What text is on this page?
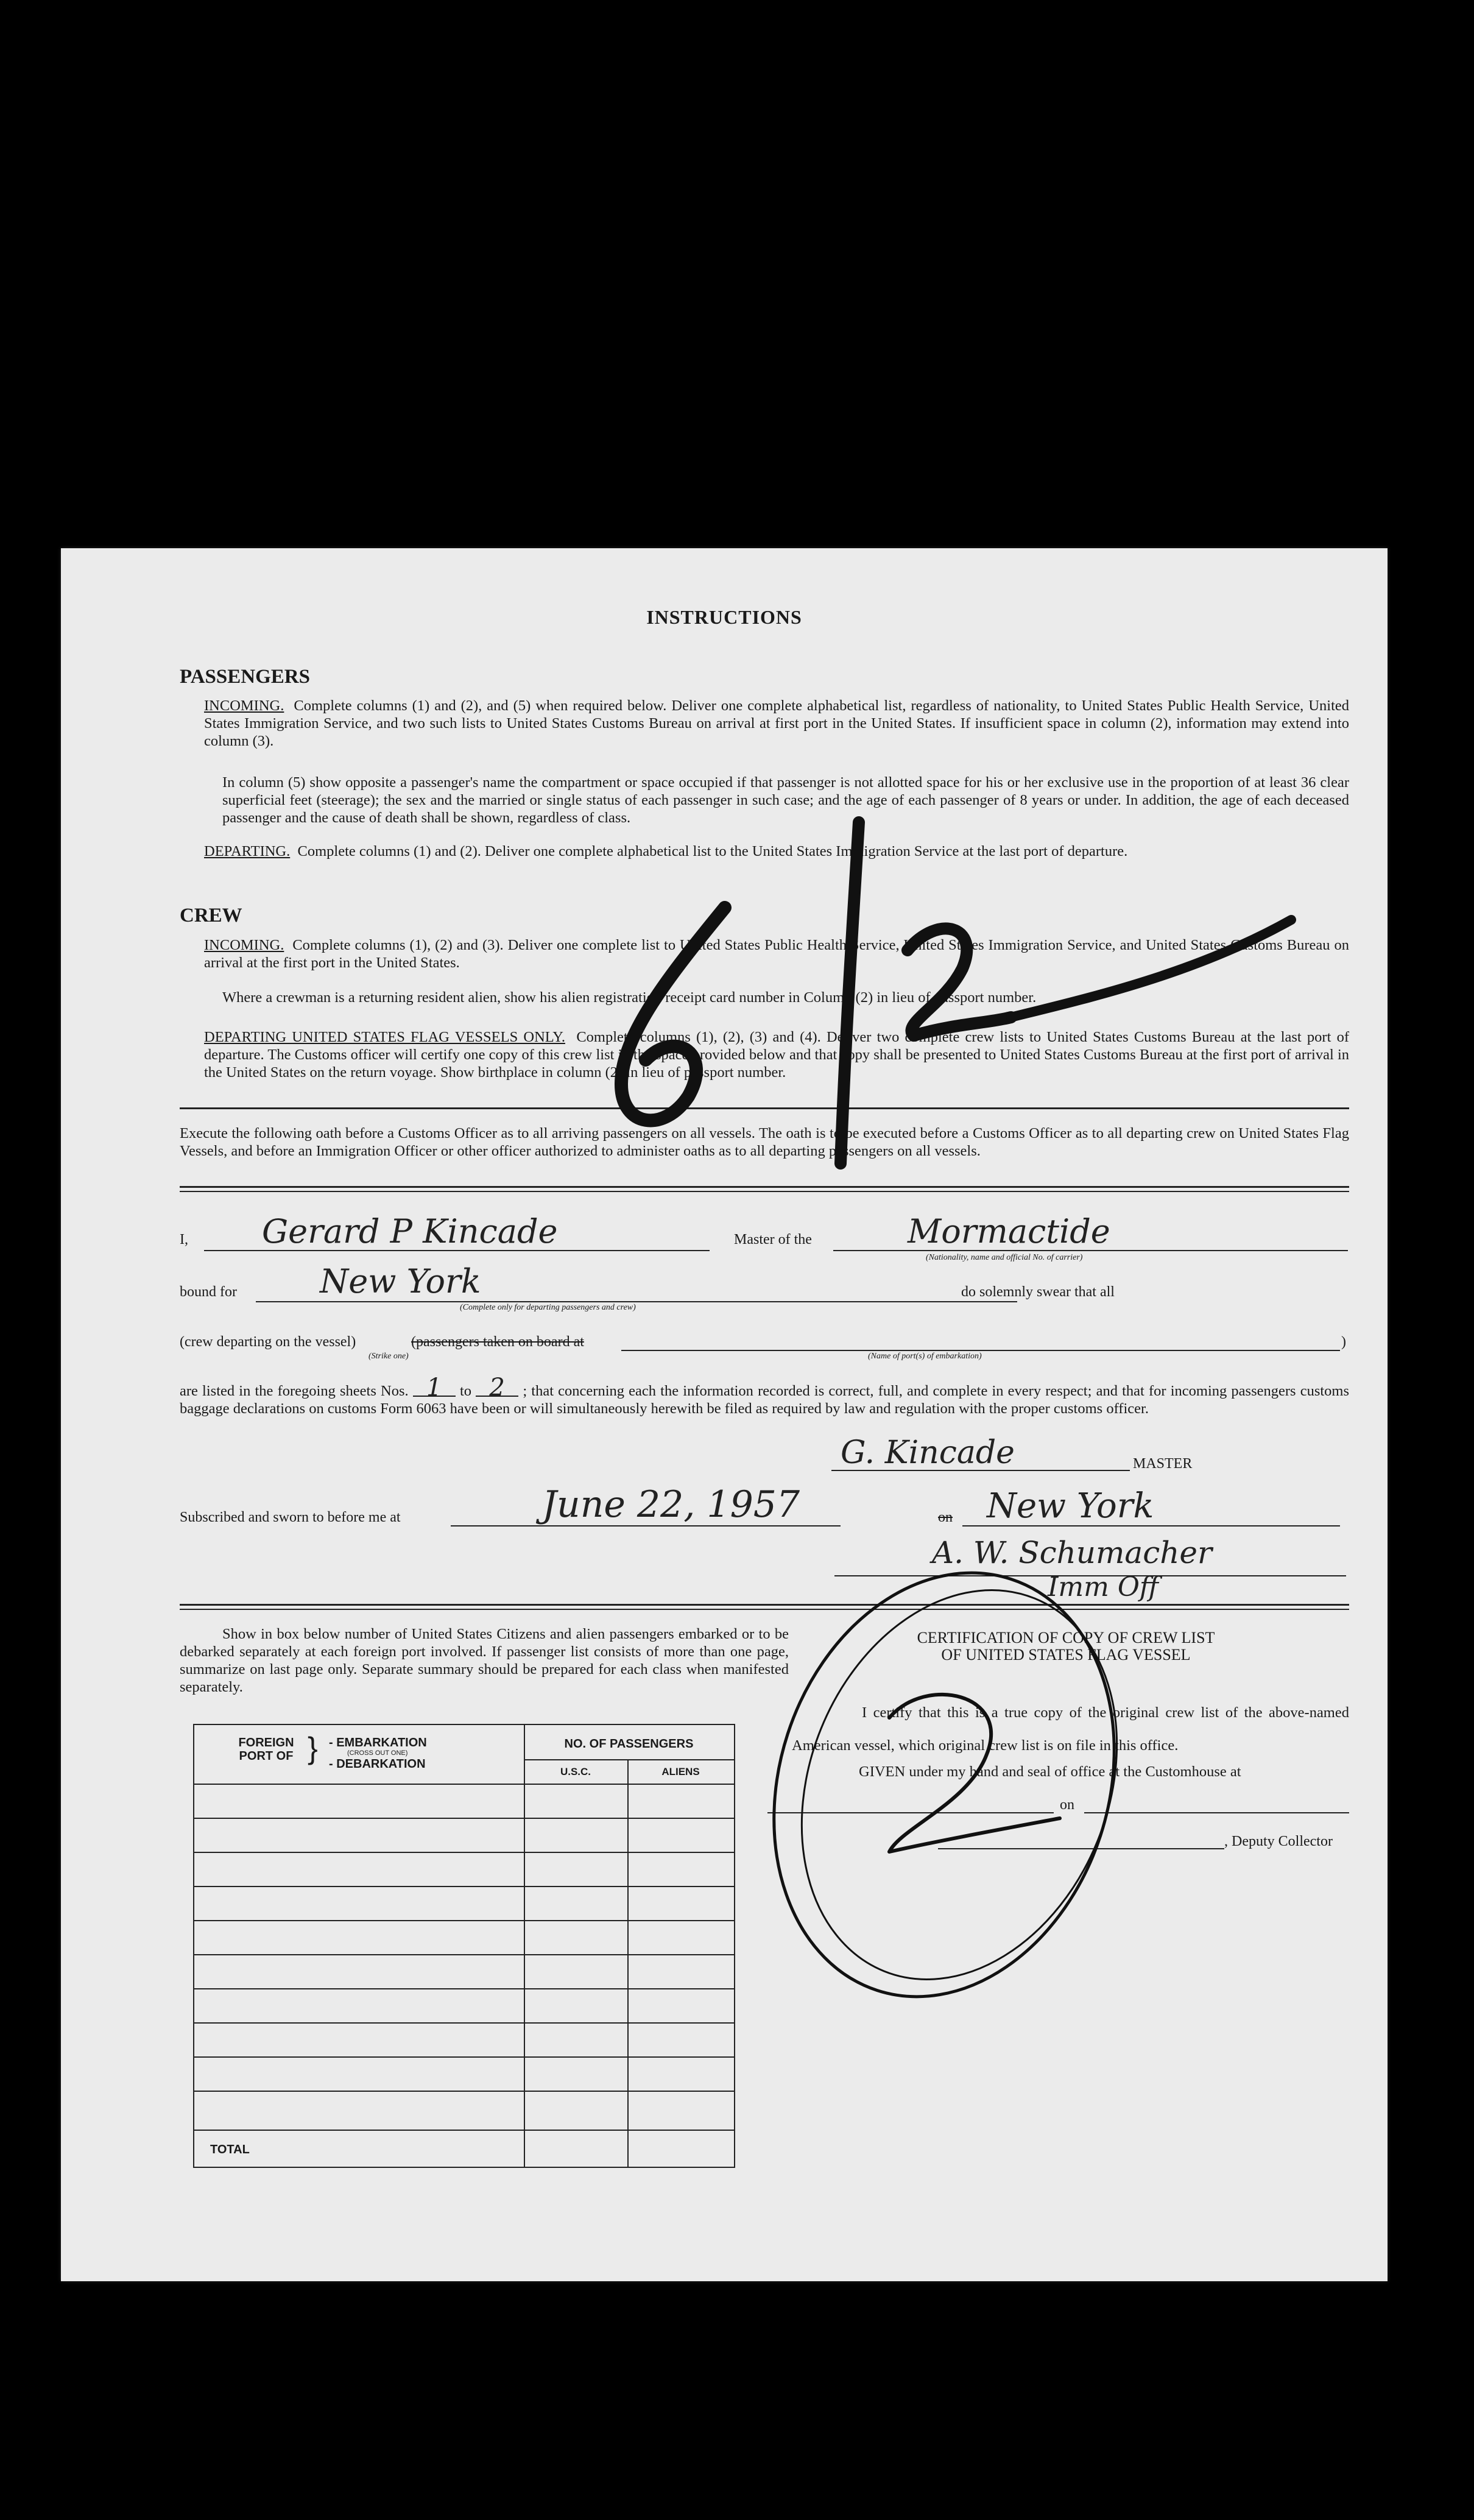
INSTRUCTIONS
PASSENGERS
INCOMING. Complete columns (1) and (2), and (5) when required below. Deliver one complete alphabetical list, regardless of nationality, to United States Public Health Service, United States Immigration Service, and two such lists to United States Customs Bureau on arrival at first port in the United States. If insufficient space in column (2), information may extend into column (3).
In column (5) show opposite a passenger's name the compartment or space occupied if that passenger is not allotted space for his or her exclusive use in the proportion of at least 36 clear superficial feet (steerage); the sex and the married or single status of each passenger in such case; and the age of each passenger of 8 years or under. In addition, the age of each deceased passenger and the cause of death shall be shown, regardless of class.
DEPARTING. Complete columns (1) and (2). Deliver one complete alphabetical list to the United States Immigration Service at the last port of departure.
CREW
INCOMING. Complete columns (1), (2) and (3). Deliver one complete list to United States Public Health Service, United States Immigration Service, and United States Customs Bureau on arrival at the first port in the United States.
Where a crewman is a returning resident alien, show his alien registration receipt card number in Column (2) in lieu of passport number.
DEPARTING UNITED STATES FLAG VESSELS ONLY. Complete columns (1), (2), (3) and (4). Deliver two complete crew lists to United States Customs Bureau at the last port of departure. The Customs officer will certify one copy of this crew list in the space provided below and that copy shall be presented to United States Customs Bureau at the first port of arrival in the United States on the return voyage. Show birthplace in column (2) in lieu of passport number.
Execute the following oath before a Customs Officer as to all arriving passengers on all vessels. The oath is to be executed before a Customs Officer as to all departing crew on United States Flag Vessels, and before an Immigration Officer or other officer authorized to administer oaths as to all departing passengers on all vessels.
I, Gerard P Kincade	Master of the	Mormactide
(Nationality, name and official No. of carrier)
bound for	New York
(Complete only for departing passengers and crew)
do solemnly swear that all
(crew departing on the vessel)	(passengers taken on board at	)
(Strike one)	(Name of port(s) of embarkation)
are listed in the foregoing sheets Nos. 1 to 2 ; that concerning each the information recorded is correct, full, and complete in every respect; and that for incoming passengers customs baggage declarations on customs Form 6063 have been or will simultaneously herewith be filed as required by law and regulation with the proper customs officer.
G. Kincade	MASTER
Subscribed and sworn to before me at	June 22, 1957	on New York
A. W. Schumacher
Imm Off
Show in box below number of United States Citizens and alien passengers embarked or to be debarked separately at each foreign port involved. If passenger list consists of more than one page, summarize on last page only. Separate summary should be prepared for each class when manifested separately.
FOREIGN PORT OF } - EMBARKATION
(CROSS OUT ONE)
- DEBARKATION
NO. OF PASSENGERS
U.S.C.	ALIENS
TOTAL
CERTIFICATION OF COPY OF CREW LIST
OF UNITED STATES FLAG VESSEL
I certify that this is a true copy of the original crew list of the above-named American vessel, which original crew list is on file in this office.
GIVEN under my hand and seal of office at the Customhouse at
on
, Deputy Collector
